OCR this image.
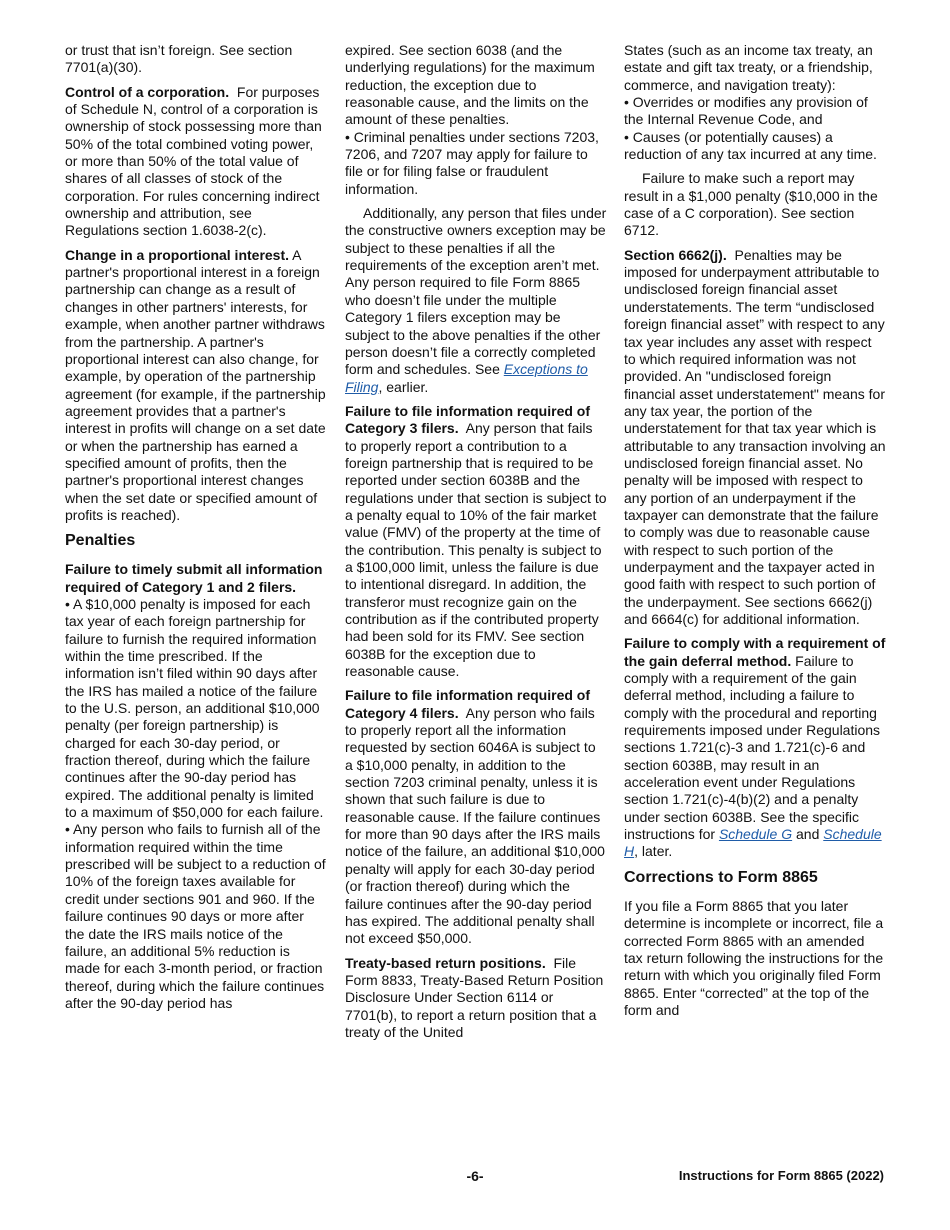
or trust that isn’t foreign. See section 7701(a)(30).

Control of a corporation. For purposes of Schedule N, control of a corporation is ownership of stock possessing more than 50% of the total combined voting power, or more than 50% of the total value of shares of all classes of stock of the corporation. For rules concerning indirect ownership and attribution, see Regulations section 1.6038-2(c).

Change in a proportional interest. A partner's proportional interest in a foreign partnership can change as a result of changes in other partners' interests, for example, when another partner withdraws from the partnership. A partner's proportional interest can also change, for example, by operation of the partnership agreement (for example, if the partnership agreement provides that a partner's interest in profits will change on a set date or when the partnership has earned a specified amount of profits, then the partner's proportional interest changes when the set date or specified amount of profits is reached).

Penalties

Failure to timely submit all information required of Category 1 and 2 filers.

• A $10,000 penalty is imposed for each tax year of each foreign partnership for failure to furnish the required information within the time prescribed. If the information isn’t filed within 90 days after the IRS has mailed a notice of the failure to the U.S. person, an additional $10,000 penalty (per foreign partnership) is charged for each 30-day period, or fraction thereof, during which the failure continues after the 90-day period has expired. The additional penalty is limited to a maximum of $50,000 for each failure.

• Any person who fails to furnish all of the information required within the time prescribed will be subject to a reduction of 10% of the foreign taxes available for credit under sections 901 and 960. If the failure continues 90 days or more after the date the IRS mails notice of the failure, an additional 5% reduction is made for each 3-month period, or fraction thereof, during which the failure continues after the 90-day period has

expired. See section 6038 (and the underlying regulations) for the maximum reduction, the exception due to reasonable cause, and the limits on the amount of these penalties.

• Criminal penalties under sections 7203, 7206, and 7207 may apply for failure to file or for filing false or fraudulent information.

Additionally, any person that files under the constructive owners exception may be subject to these penalties if all the requirements of the exception aren’t met. Any person required to file Form 8865 who doesn’t file under the multiple Category 1 filers exception may be subject to the above penalties if the other person doesn’t file a correctly completed form and schedules. See Exceptions to Filing, earlier.

Failure to file information required of Category 3 filers. Any person that fails to properly report a contribution to a foreign partnership that is required to be reported under section 6038B and the regulations under that section is subject to a penalty equal to 10% of the fair market value (FMV) of the property at the time of the contribution. This penalty is subject to a $100,000 limit, unless the failure is due to intentional disregard. In addition, the transferor must recognize gain on the contribution as if the contributed property had been sold for its FMV. See section 6038B for the exception due to reasonable cause.

Failure to file information required of Category 4 filers. Any person who fails to properly report all the information requested by section 6046A is subject to a $10,000 penalty, in addition to the section 7203 criminal penalty, unless it is shown that such failure is due to reasonable cause. If the failure continues for more than 90 days after the IRS mails notice of the failure, an additional $10,000 penalty will apply for each 30-day period (or fraction thereof) during which the failure continues after the 90-day period has expired. The additional penalty shall not exceed $50,000.

Treaty-based return positions. File Form 8833, Treaty-Based Return Position Disclosure Under Section 6114 or 7701(b), to report a return position that a treaty of the United

States (such as an income tax treaty, an estate and gift tax treaty, or a friendship, commerce, and navigation treaty):

• Overrides or modifies any provision of the Internal Revenue Code, and

• Causes (or potentially causes) a reduction of any tax incurred at any time.

Failure to make such a report may result in a $1,000 penalty ($10,000 in the case of a C corporation). See section 6712.

Section 6662(j). Penalties may be imposed for underpayment attributable to undisclosed foreign financial asset understatements. The term “undisclosed foreign financial asset” with respect to any tax year includes any asset with respect to which required information was not provided. An "undisclosed foreign financial asset understatement" means for any tax year, the portion of the understatement for that tax year which is attributable to any transaction involving an undisclosed foreign financial asset. No penalty will be imposed with respect to any portion of an underpayment if the taxpayer can demonstrate that the failure to comply was due to reasonable cause with respect to such portion of the underpayment and the taxpayer acted in good faith with respect to such portion of the underpayment. See sections 6662(j) and 6664(c) for additional information.

Failure to comply with a requirement of the gain deferral method. Failure to comply with a requirement of the gain deferral method, including a failure to comply with the procedural and reporting requirements imposed under Regulations sections 1.721(c)-3 and 1.721(c)-6 and section 6038B, may result in an acceleration event under Regulations section 1.721(c)-4(b)(2) and a penalty under section 6038B. See the specific instructions for Schedule G and Schedule H, later.

Corrections to Form 8865

If you file a Form 8865 that you later determine is incomplete or incorrect, file a corrected Form 8865 with an amended tax return following the instructions for the return with which you originally filed Form 8865. Enter “corrected” at the top of the form and

-6-	Instructions for Form 8865 (2022)
